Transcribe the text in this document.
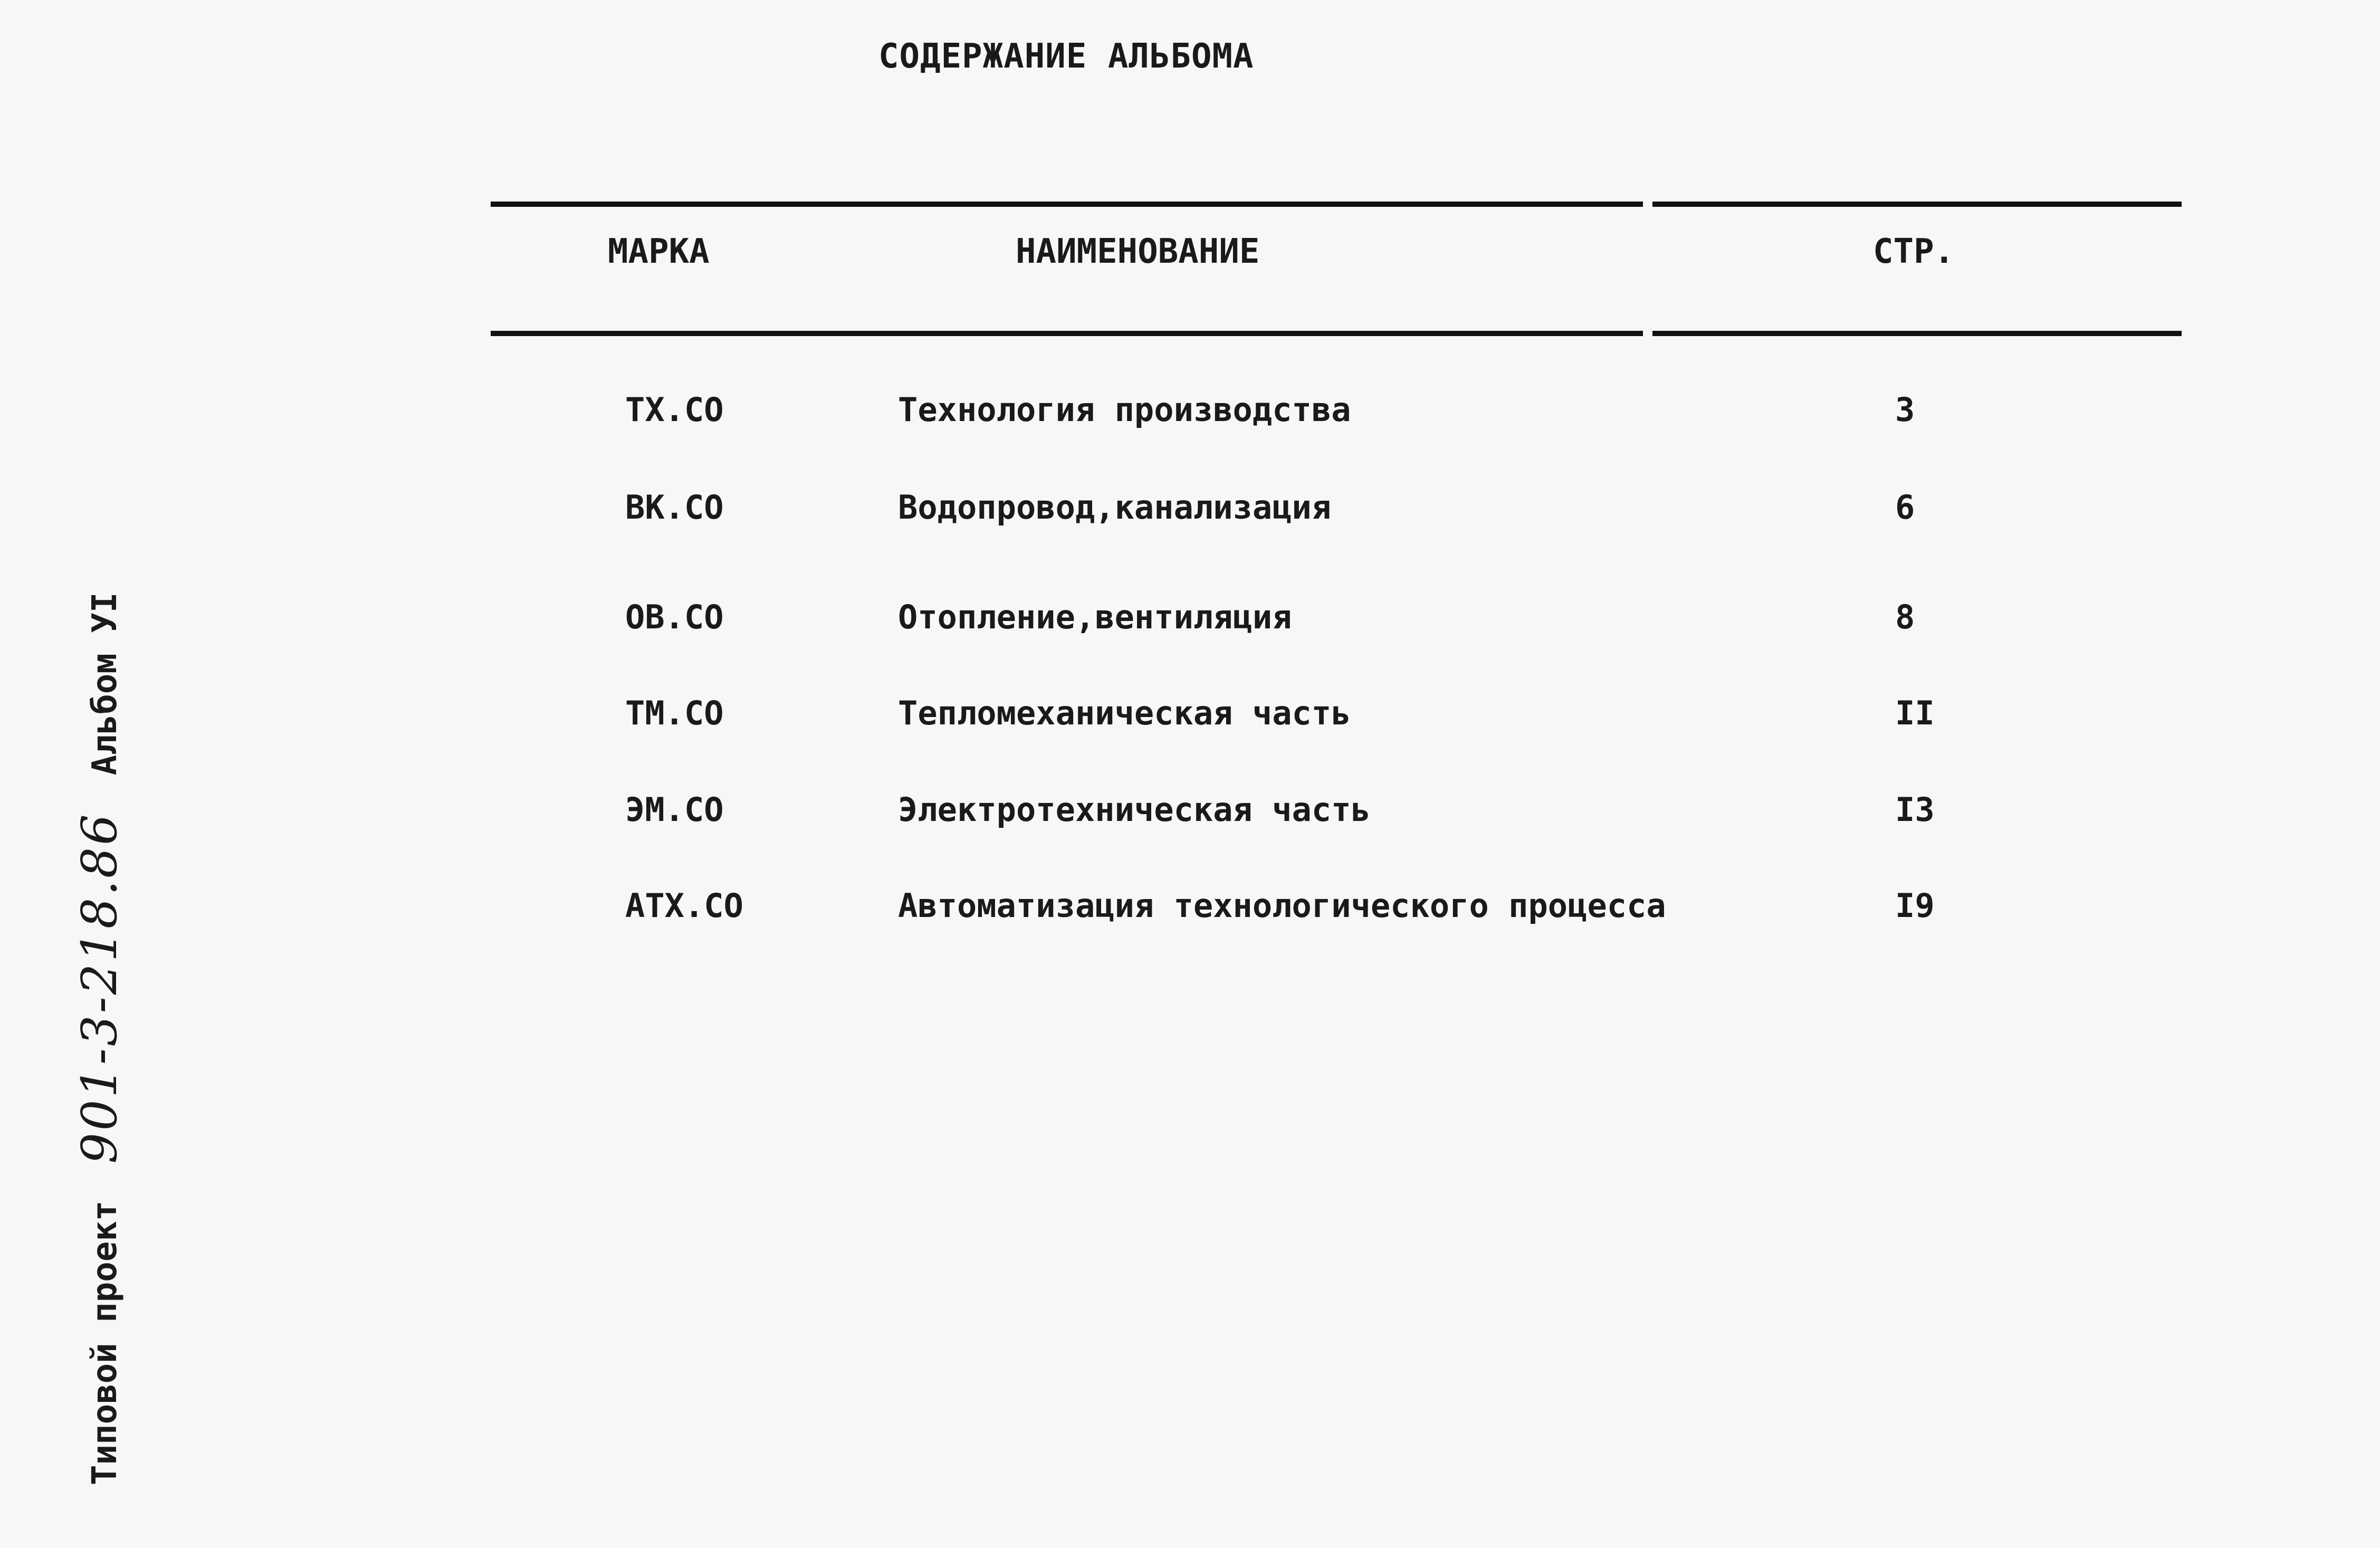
СОДЕРЖАНИЕ АЛЬБОМА
МАРКА	НАИМЕНОВАНИЕ	СТР.
ТХ.СО	Технология производства	3
ВК.СО	Водопровод,канализация	6
ОВ.СО	Отопление,вентиляция	8
ТМ.СО	Тепломеханическая часть	II
ЭМ.СО	Электротехническая часть	I3
АТХ.СО	Автоматизация технологического процесса	I9
Типовой проект901-3-218.86Альбом УI
